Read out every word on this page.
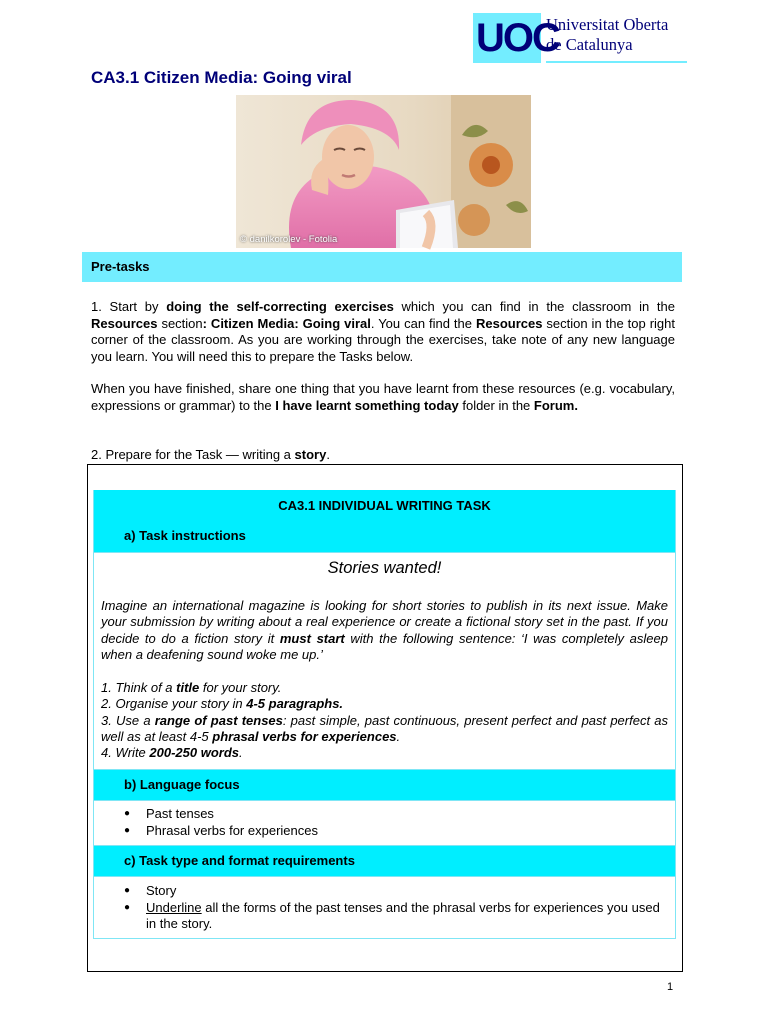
UOC
Universitat Oberta
de Catalunya
CA3.1 Citizen Media: Going viral
© danilkorolev - Fotolia
Pre-tasks
1. Start by doing the self-correcting exercises which you can find in the classroom in the Resources section: Citizen Media: Going viral. You can find the Resources section in the top right corner of the classroom. As you are working through the exercises, take note of any new language you learn. You will need this to prepare the Tasks below.
When you have finished, share one thing that you have learnt from these resources (e.g. vocabulary, expressions or grammar) to the I have learnt something today folder in the Forum.
2. Prepare for the Task — writing a story.
CA3.1 INDIVIDUAL WRITING TASK
a) Task instructions
Stories wanted!
Imagine an international magazine is looking for short stories to publish in its next issue. Make your submission by writing about a real experience or create a fictional story set in the past. If you decide to do a fiction story it must start with the following sentence: ‘I was completely asleep when a deafening sound woke me up.’
1. Think of a title for your story.
2. Organise your story in 4-5 paragraphs.
3. Use a range of past tenses: past simple, past continuous, present perfect and past perfect as well as at least 4-5 phrasal verbs for experiences.
4. Write 200-250 words.
b) Language focus
● Past tenses
● Phrasal verbs for experiences
c) Task type and format requirements
● Story
● Underline all the forms of the past tenses and the phrasal verbs for experiences you used in the story.
1
